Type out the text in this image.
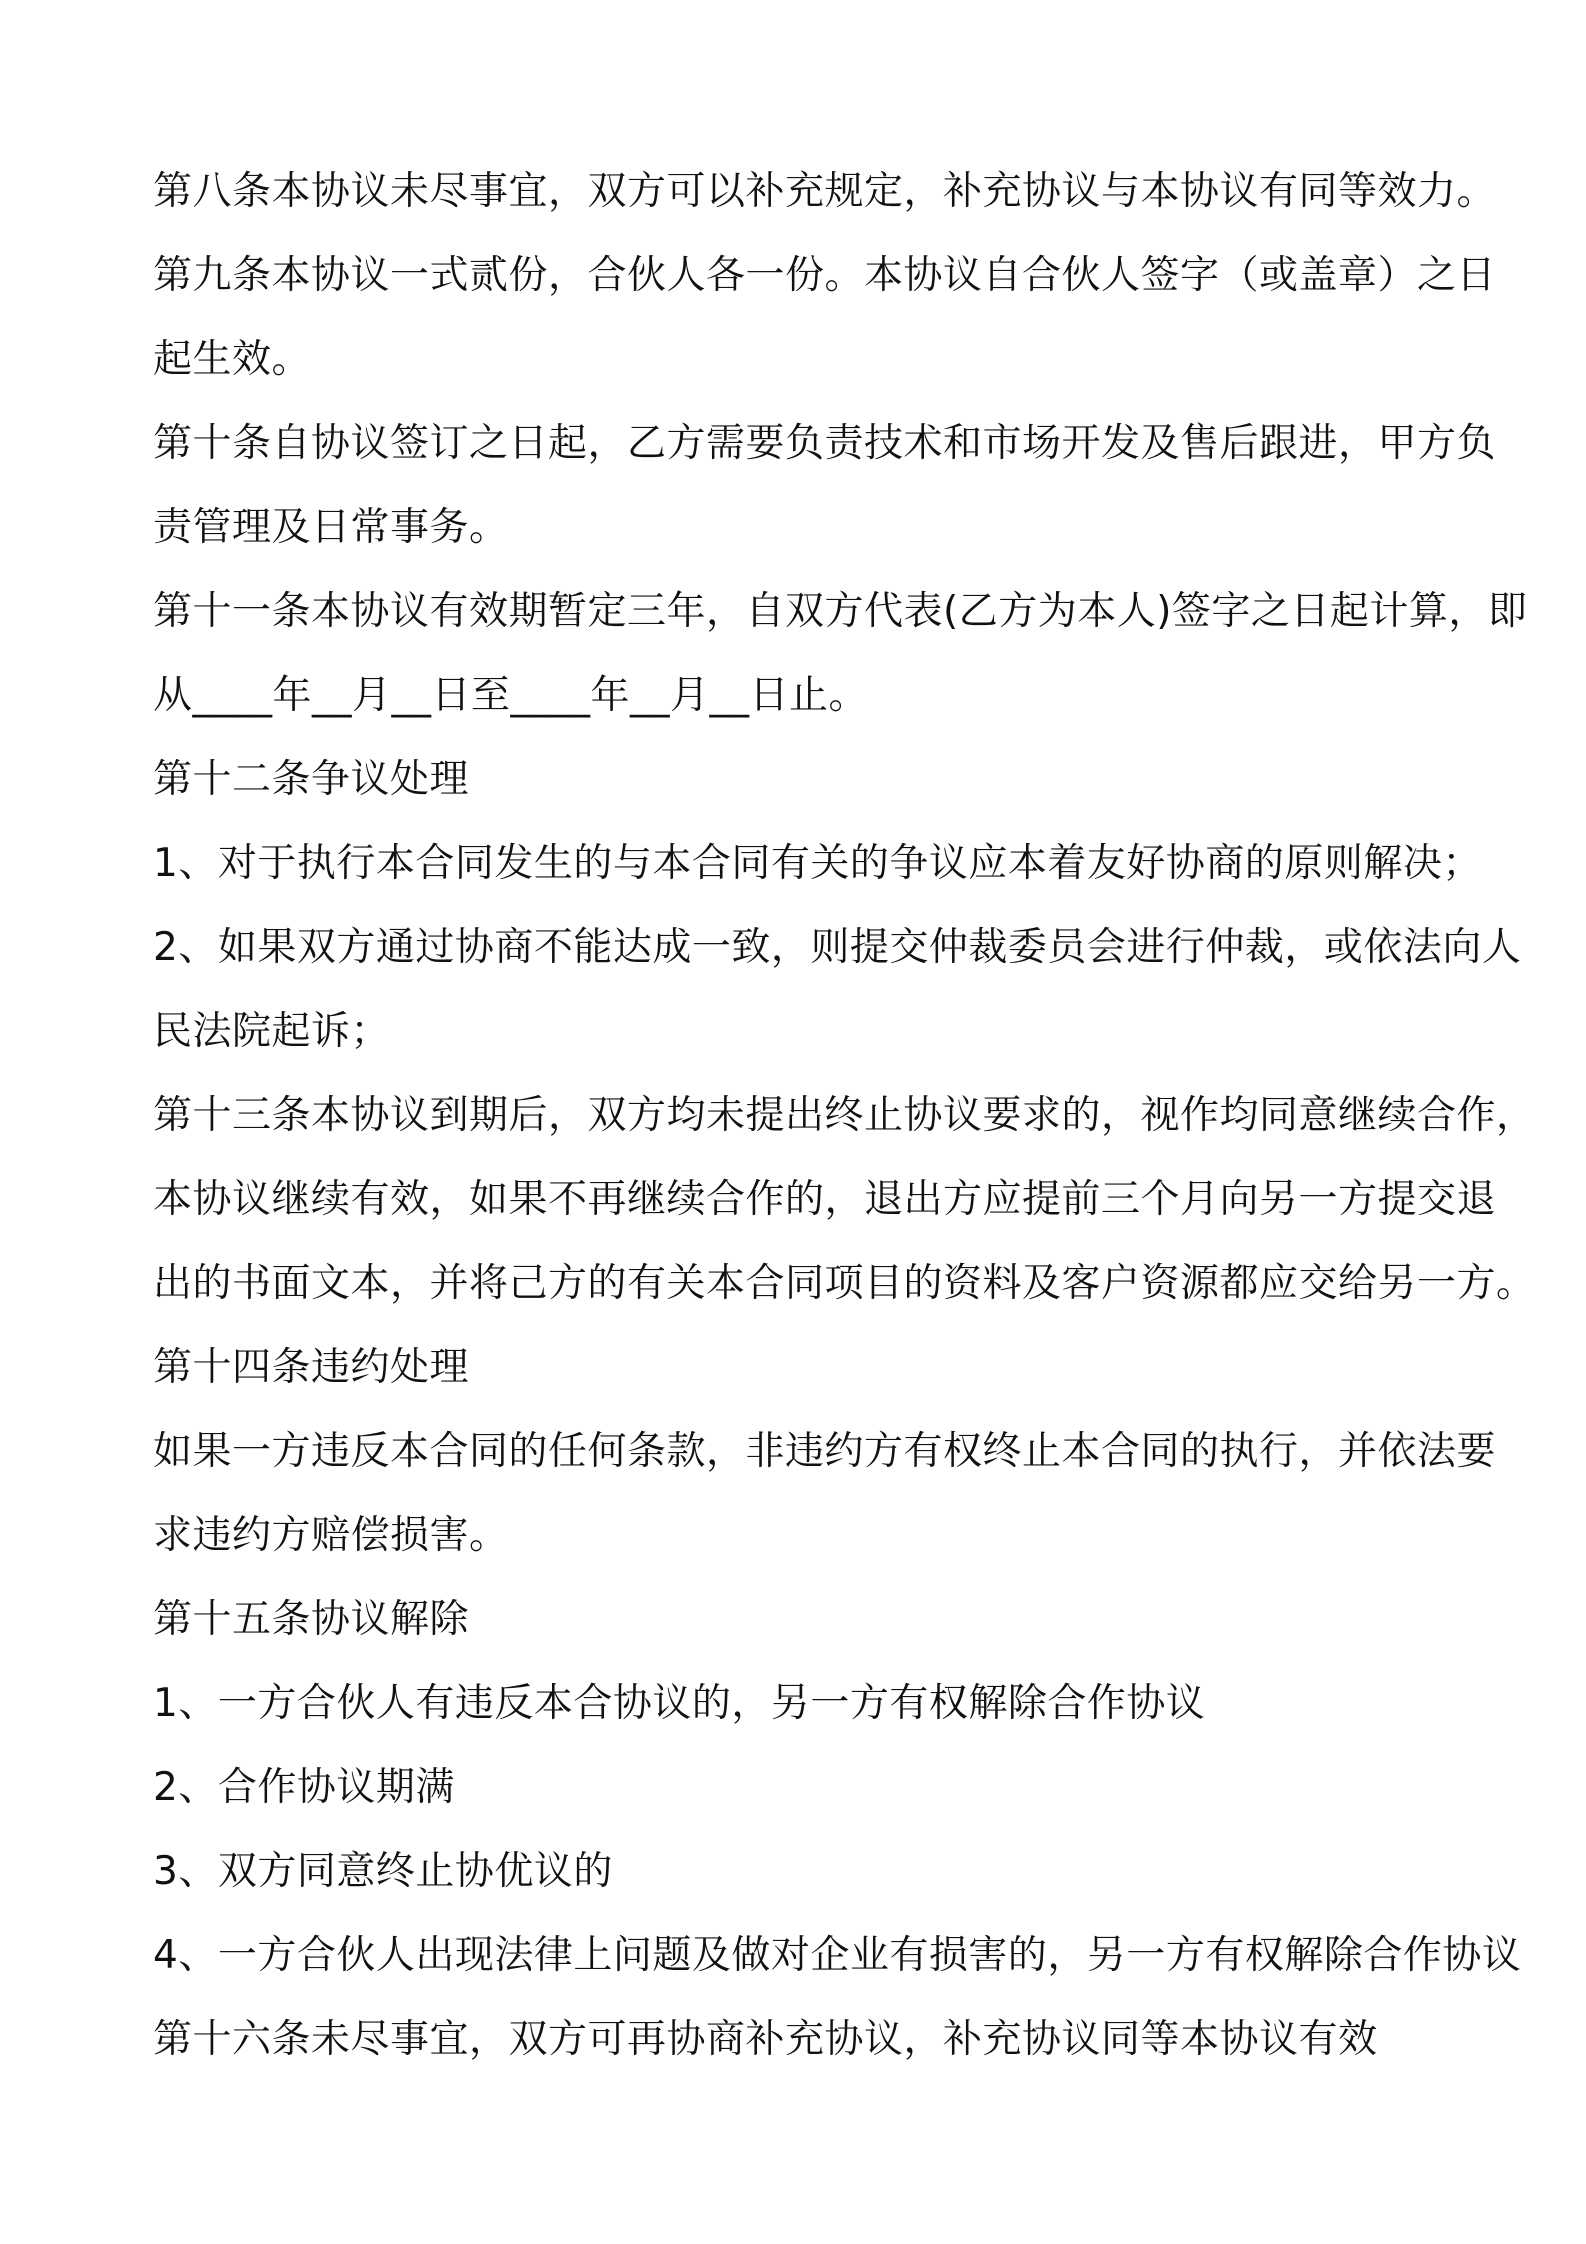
第八条本协议未尽事宜，双方可以补充规定，补充协议与本协议有同等效力。
第九条本协议一式贰份，合伙人各一份。本协议自合伙人签字（或盖章）之日
起生效。
第十条自协议签订之日起，乙方需要负责技术和市场开发及售后跟进，甲方负
责管理及日常事务。
第十一条本协议有效期暂定三年，自双方代表(乙方为本人)签字之日起计算，即
从____年__月__日至____年__月__日止。
第十二条争议处理
1、对于执行本合同发生的与本合同有关的争议应本着友好协商的原则解决；
2、如果双方通过协商不能达成一致，则提交仲裁委员会进行仲裁，或依法向人
民法院起诉；
第十三条本协议到期后，双方均未提出终止协议要求的，视作均同意继续合作，
本协议继续有效，如果不再继续合作的，退出方应提前三个月向另一方提交退
出的书面文本，并将己方的有关本合同项目的资料及客户资源都应交给另一方。
第十四条违约处理
如果一方违反本合同的任何条款，非违约方有权终止本合同的执行，并依法要
求违约方赔偿损害。
第十五条协议解除
1、一方合伙人有违反本合协议的，另一方有权解除合作协议
2、合作协议期满
3、双方同意终止协优议的
4、一方合伙人出现法律上问题及做对企业有损害的，另一方有权解除合作协议
第十六条未尽事宜，双方可再协商补充协议，补充协议同等本协议有效
